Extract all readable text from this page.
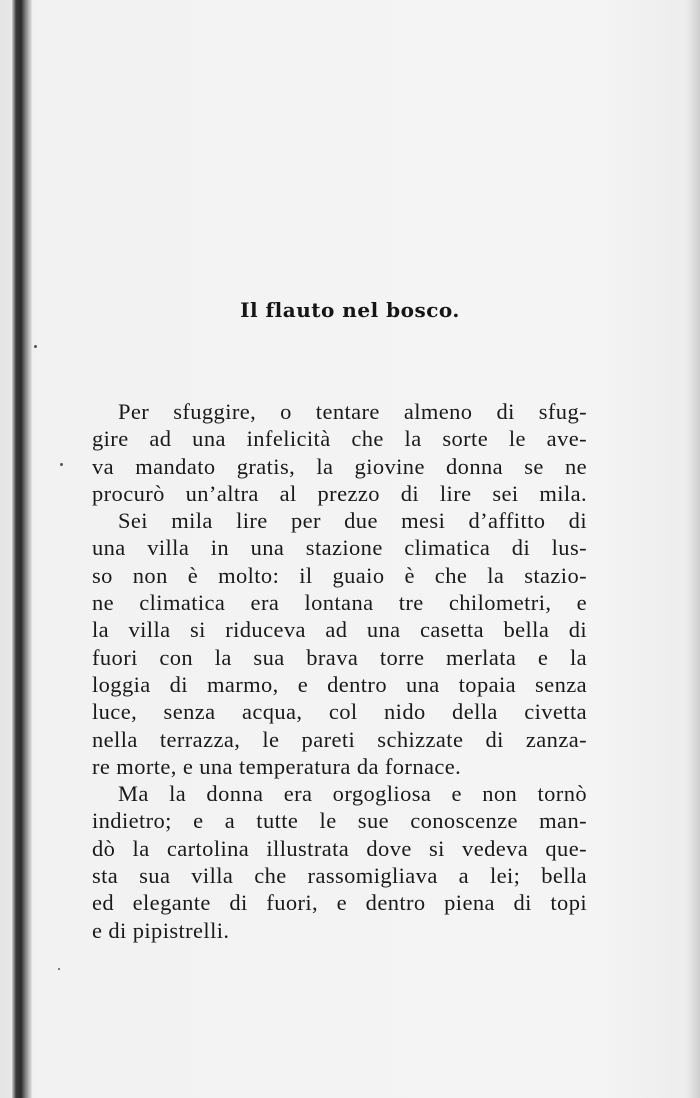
Il flauto nel bosco.

Per sfuggire, o tentare almeno di sfug-
gire ad una infelicità che la sorte le ave-
va mandato gratis, la giovine donna se ne
procurò un’altra al prezzo di lire sei mila.

Sei mila lire per due mesi d’affitto di
una villa in una stazione climatica di lus-
so non è molto: il guaio è che la stazio-
ne climatica era lontana tre chilometri, e
la villa si riduceva ad una casetta bella di
fuori con la sua brava torre merlata e la
loggia di marmo, e dentro una topaia senza
luce, senza acqua, col nido della civetta
nella terrazza, le pareti schizzate di zanza-
re morte, e una temperatura da fornace.

Ma la donna era orgogliosa e non tornò
indietro; e a tutte le sue conoscenze man-
dò la cartolina illustrata dove si vedeva que-
sta sua villa che rassomigliava a lei; bella
ed elegante di fuori, e dentro piena di topi
e di pipistrelli.
